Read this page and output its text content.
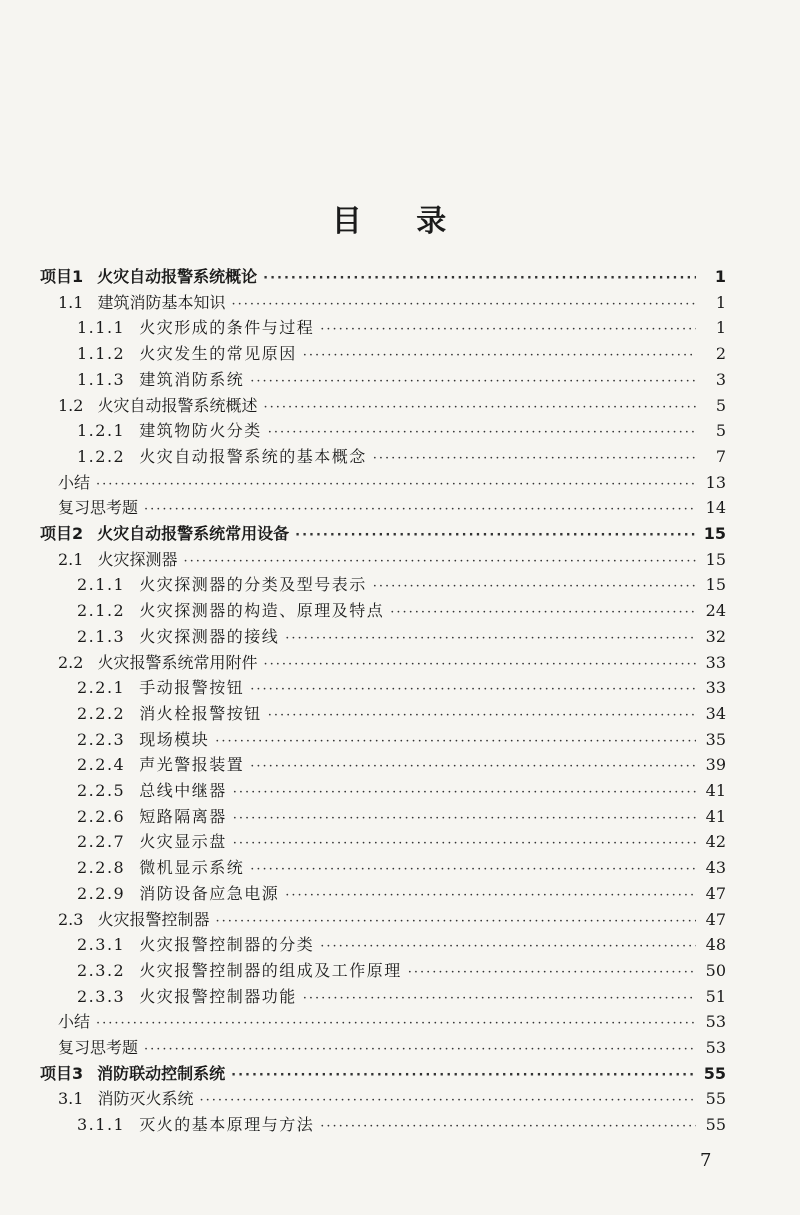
目 录
项目1 火灾自动报警系统概论 ·····	1
1.1 建筑消防基本知识 ·····	1
1.1.1 火灾形成的条件与过程 ·····	1
1.1.2 火灾发生的常见原因 ·····	2
1.1.3 建筑消防系统 ·····	3
1.2 火灾自动报警系统概述 ·····	5
1.2.1 建筑物防火分类 ·····	5
1.2.2 火灾自动报警系统的基本概念 ·····	7
小结 ·····	13
复习思考题 ·····	14
项目2 火灾自动报警系统常用设备 ·····	15
2.1 火灾探测器 ·····	15
2.1.1 火灾探测器的分类及型号表示 ·····	15
2.1.2 火灾探测器的构造、原理及特点 ·····	24
2.1.3 火灾探测器的接线 ·····	32
2.2 火灾报警系统常用附件 ·····	33
2.2.1 手动报警按钮 ·····	33
2.2.2 消火栓报警按钮 ·····	34
2.2.3 现场模块 ·····	35
2.2.4 声光警报装置 ·····	39
2.2.5 总线中继器 ·····	41
2.2.6 短路隔离器 ·····	41
2.2.7 火灾显示盘 ·····	42
2.2.8 微机显示系统 ·····	43
2.2.9 消防设备应急电源 ·····	47
2.3 火灾报警控制器 ·····	47
2.3.1 火灾报警控制器的分类 ·····	48
2.3.2 火灾报警控制器的组成及工作原理 ·····	50
2.3.3 火灾报警控制器功能 ·····	51
小结 ·····	53
复习思考题 ·····	53
项目3 消防联动控制系统 ·····	55
3.1 消防灭火系统 ·····	55
3.1.1 灭火的基本原理与方法 ·····	55
7
